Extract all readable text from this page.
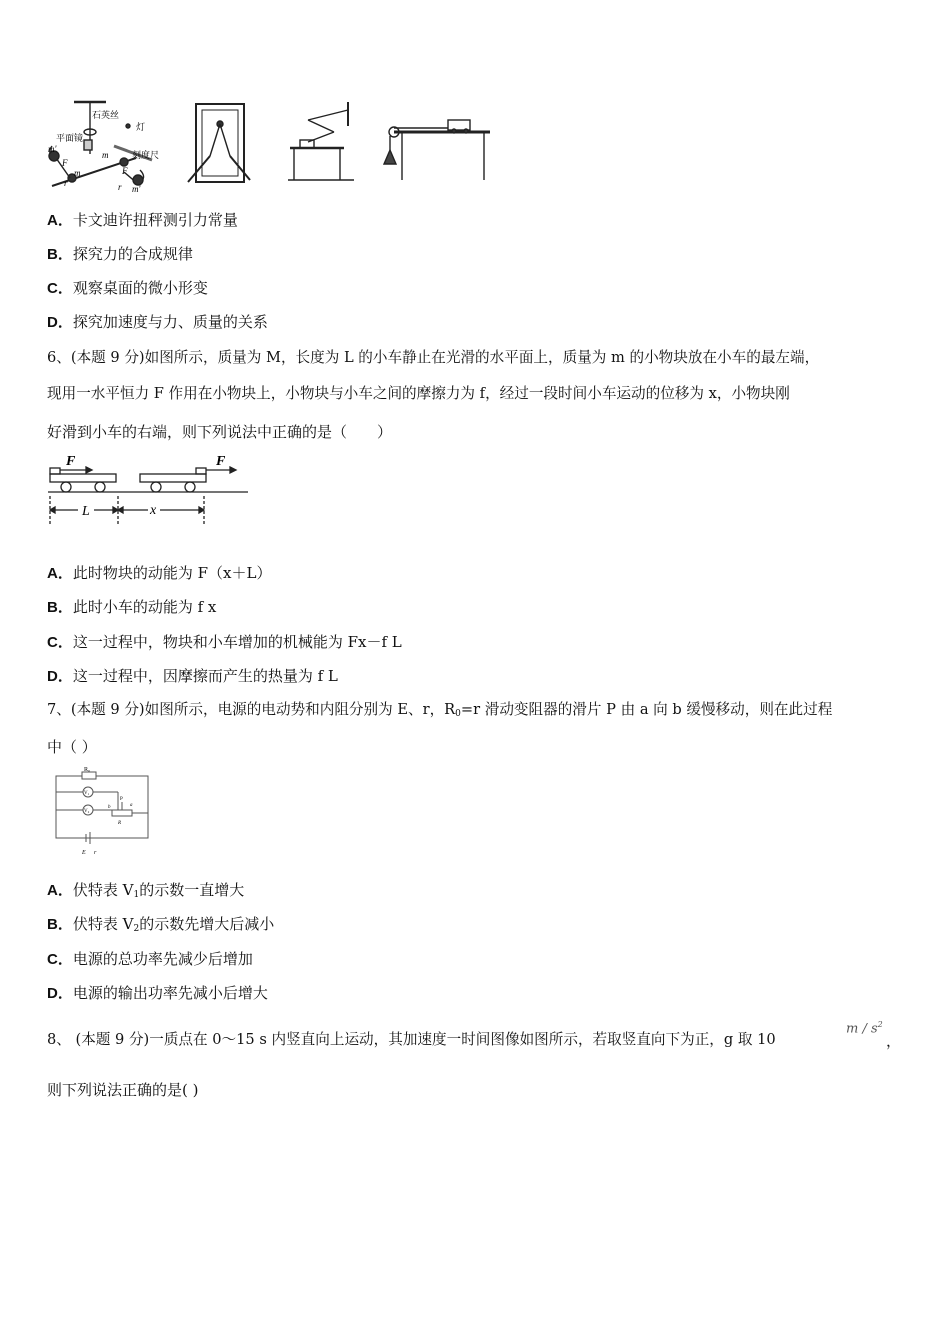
石英丝
灯
平面镜
刻度尺
m'
m'
m
m
F
F
r	r
A．卡文迪许扭秤测引力常量
B．探究力的合成规律
C．观察桌面的微小形变
D．探究加速度与力、质量的关系
6、(本题 9 分)如图所示，质量为 M，长度为 L 的小车静止在光滑的水平面上，质量为 m 的小物块放在小车的最左端，
现用一水平恒力 F 作用在小物块上，小物块与小车之间的摩擦力为 f，经过一段时间小车运动的位移为 x，小物块刚
好滑到小车的右端，则下列说法中正确的是（　　）
F	F
L	x
A．此时物块的动能为 F（x＋L）
B．此时小车的动能为 f x
C．这一过程中，物块和小车增加的机械能为 Fx－f L
D．这一过程中，因摩擦而产生的热量为 f L
7、(本题 9 分)如图所示，电源的电动势和内阻分别为 E、r，$R_0=r$ 滑动变阻器的滑片 P 由 a 向 b 缓慢移动，则在此过程
中（ ）
R₀
V₁
V₂
P
a
b
R
E r
A．伏特表 $V_1$的示数一直增大
B．伏特表 $V_2$的示数先增大后减小
C．电源的总功率先减少后增加
D．电源的输出功率先减小后增大
8、 (本题 9 分)一质点在 0～15 s 内竖直向上运动，其加速度一时间图像如图所示，若取竖直向下为正，g 取 10
m / $s^2$
，
则下列说法正确的是( )
